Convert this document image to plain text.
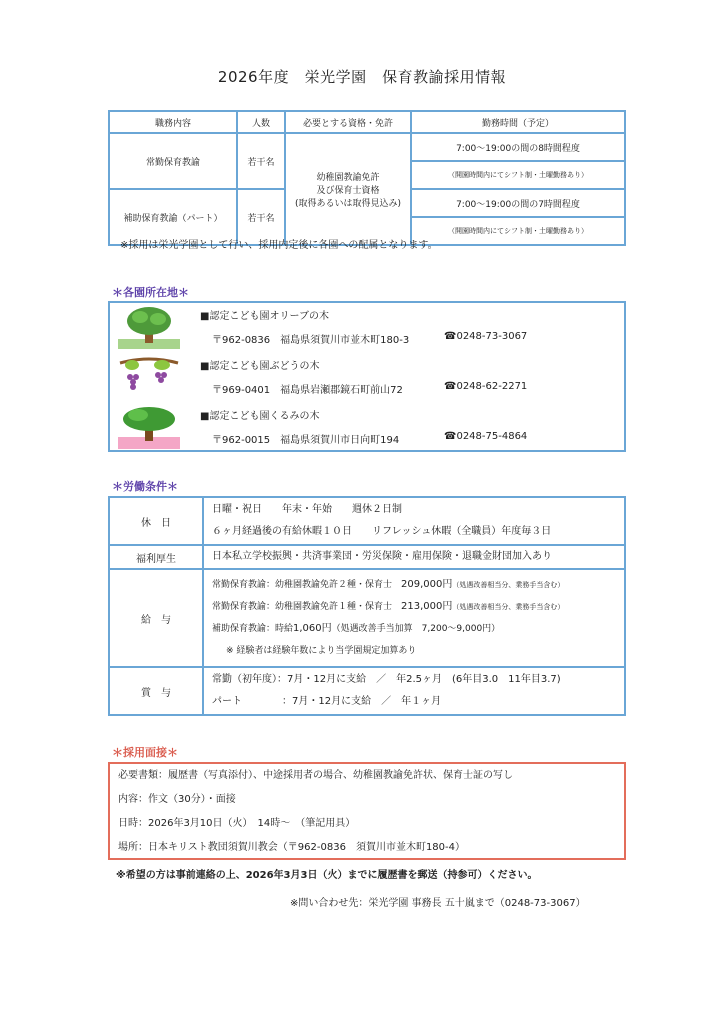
2026年度　栄光学園　保育教諭採用情報
職務内容	人数	必要とする資格・免許	勤務時間（予定）
常勤保育教諭	若干名	幼稚園教諭免許
及び保育士資格
(取得あるいは取得見込み)	7:00〜19:00の間の8時間程度
			（開園時間内にてシフト制・土曜勤務あり）
補助保育教諭（パート）	若干名		7:00〜19:00の間の7時間程度
			（開園時間内にてシフト制・土曜勤務あり）
※採用は栄光学園として行い、採用内定後に各園への配属となります。
＊各園所在地＊
■認定こども園オリーブの木
〒962-0836　福島県須賀川市並木町180-3	☎0248-73-3067
■認定こども園ぶどうの木
〒969-0401　福島県岩瀬郡鏡石町前山72	☎0248-62-2271
■認定こども園くるみの木
〒962-0015　福島県須賀川市日向町194	☎0248-75-4864
＊労働条件＊
休　日	日曜・祝日　　年末・年始　　週休２日制
６ヶ月経過後の有給休暇１０日　　リフレッシュ休暇（全職員）年度毎３日

福利厚生	日本私立学校振興・共済事業団・労災保険・雇用保険・退職金財団加入あり

給　与	常勤保育教諭：幼稚園教諭免許２種・保育士　209,000円（処遇改善相当分、業務手当含む）
常勤保育教諭：幼稚園教諭免許１種・保育士　213,000円（処遇改善相当分、業務手当含む）
補助保育教諭：時給1,060円（処遇改善手当加算　7,200〜9,000円）
※ 経験者は経験年数により当学園規定加算あり

賞　与	常勤（初年度）：7月・12月に支給　／　年2.5ヶ月　(6年目3.0　11年目3.7)
パート　　　　：7月・12月に支給　／　年１ヶ月
＊採用面接＊
必要書類：履歴書（写真添付）、中途採用者の場合、幼稚園教諭免許状、保育士証の写し
内容：作文（30分）・面接
日時：2026年3月10日（火）　14時〜　（筆記用具）
場所：日本キリスト教団須賀川教会（〒962-0836　須賀川市並木町180-4）
※希望の方は事前連絡の上、2026年3月3日（火）までに履歴書を郵送（持参可）ください。
※問い合わせ先：栄光学園 事務長 五十嵐まで（0248-73-3067）
